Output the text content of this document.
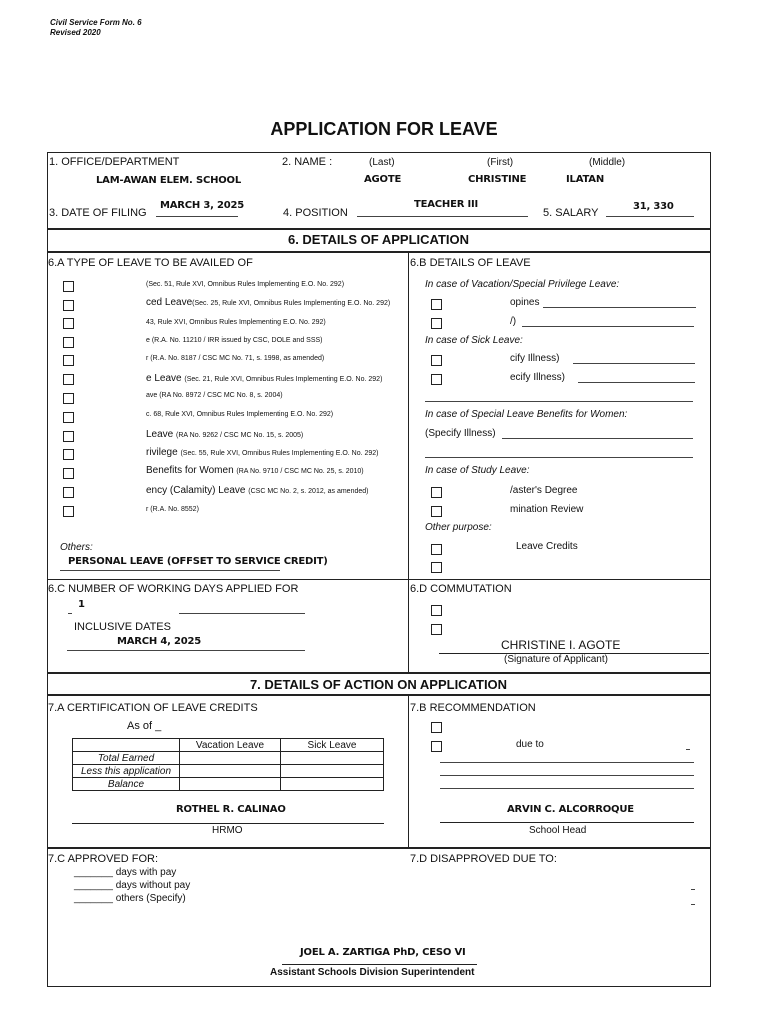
Civil Service Form No. 6
Revised 2020
APPLICATION FOR LEAVE
1. OFFICE/DEPARTMENT
LAM-AWAN ELEM. SCHOOL
2. NAME :	(Last)	(First)	(Middle)
AGOTE	CHRISTINE	ILATAN
3. DATE OF FILING
MARCH 3, 2025
4. POSITION
TEACHER III
5. SALARY
31, 330
6. DETAILS OF APPLICATION
6.A TYPE OF LEAVE TO BE AVAILED OF	6.B DETAILS OF LEAVE
(Sec. 51, Rule XVI, Omnibus Rules Implementing E.O. No. 292)
ced Leave(Sec. 25, Rule XVI, Omnibus Rules Implementing E.O. No. 292)
43, Rule XVI, Omnibus Rules Implementing E.O. No. 292)
e (R.A. No. 11210 / IRR issued by CSC, DOLE and SSS)
r (R.A. No. 8187 / CSC MC No. 71, s. 1998, as amended)
e Leave (Sec. 21, Rule XVI, Omnibus Rules Implementing E.O. No. 292)
ave (RA No. 8972 / CSC MC No. 8, s. 2004)
c. 68, Rule XVI, Omnibus Rules Implementing E.O. No. 292)
Leave (RA No. 9262 / CSC MC No. 15, s. 2005)
rivilege (Sec. 55, Rule XVI, Omnibus Rules Implementing E.O. No. 292)
Benefits for Women (RA No. 9710 / CSC MC No. 25, s. 2010)
ency (Calamity) Leave (CSC MC No. 2, s. 2012, as amended)
r (R.A. No. 8552)
Others:
PERSONAL LEAVE (OFFSET TO SERVICE CREDIT)
In case of Vacation/Special Privilege Leave:
opines
/)
In case of Sick Leave:
cify Illness)
ecify Illness)
In case of Special Leave Benefits for Women:
(Specify Illness)
In case of Study Leave:
/aster's Degree
mination Review
Other purpose:
Leave Credits
6.C NUMBER OF WORKING DAYS APPLIED FOR
1
INCLUSIVE DATES
MARCH 4, 2025
6.D COMMUTATION
CHRISTINE I. AGOTE
(Signature of Applicant)
7. DETAILS OF ACTION ON APPLICATION
7.A CERTIFICATION OF LEAVE CREDITS
As of _
	Vacation Leave	Sick Leave
Total Earned		
Less this application		
Balance		
ROTHEL R. CALINAO
HRMO
7.B RECOMMENDATION
due to
ARVIN C. ALCORROQUE
School Head
7.C APPROVED FOR:
_______ days with pay
_______ days without pay
_______ others (Specify)
7.D DISAPPROVED DUE TO:
JOEL A. ZARTIGA PhD, CESO VI
Assistant Schools Division Superintendent
